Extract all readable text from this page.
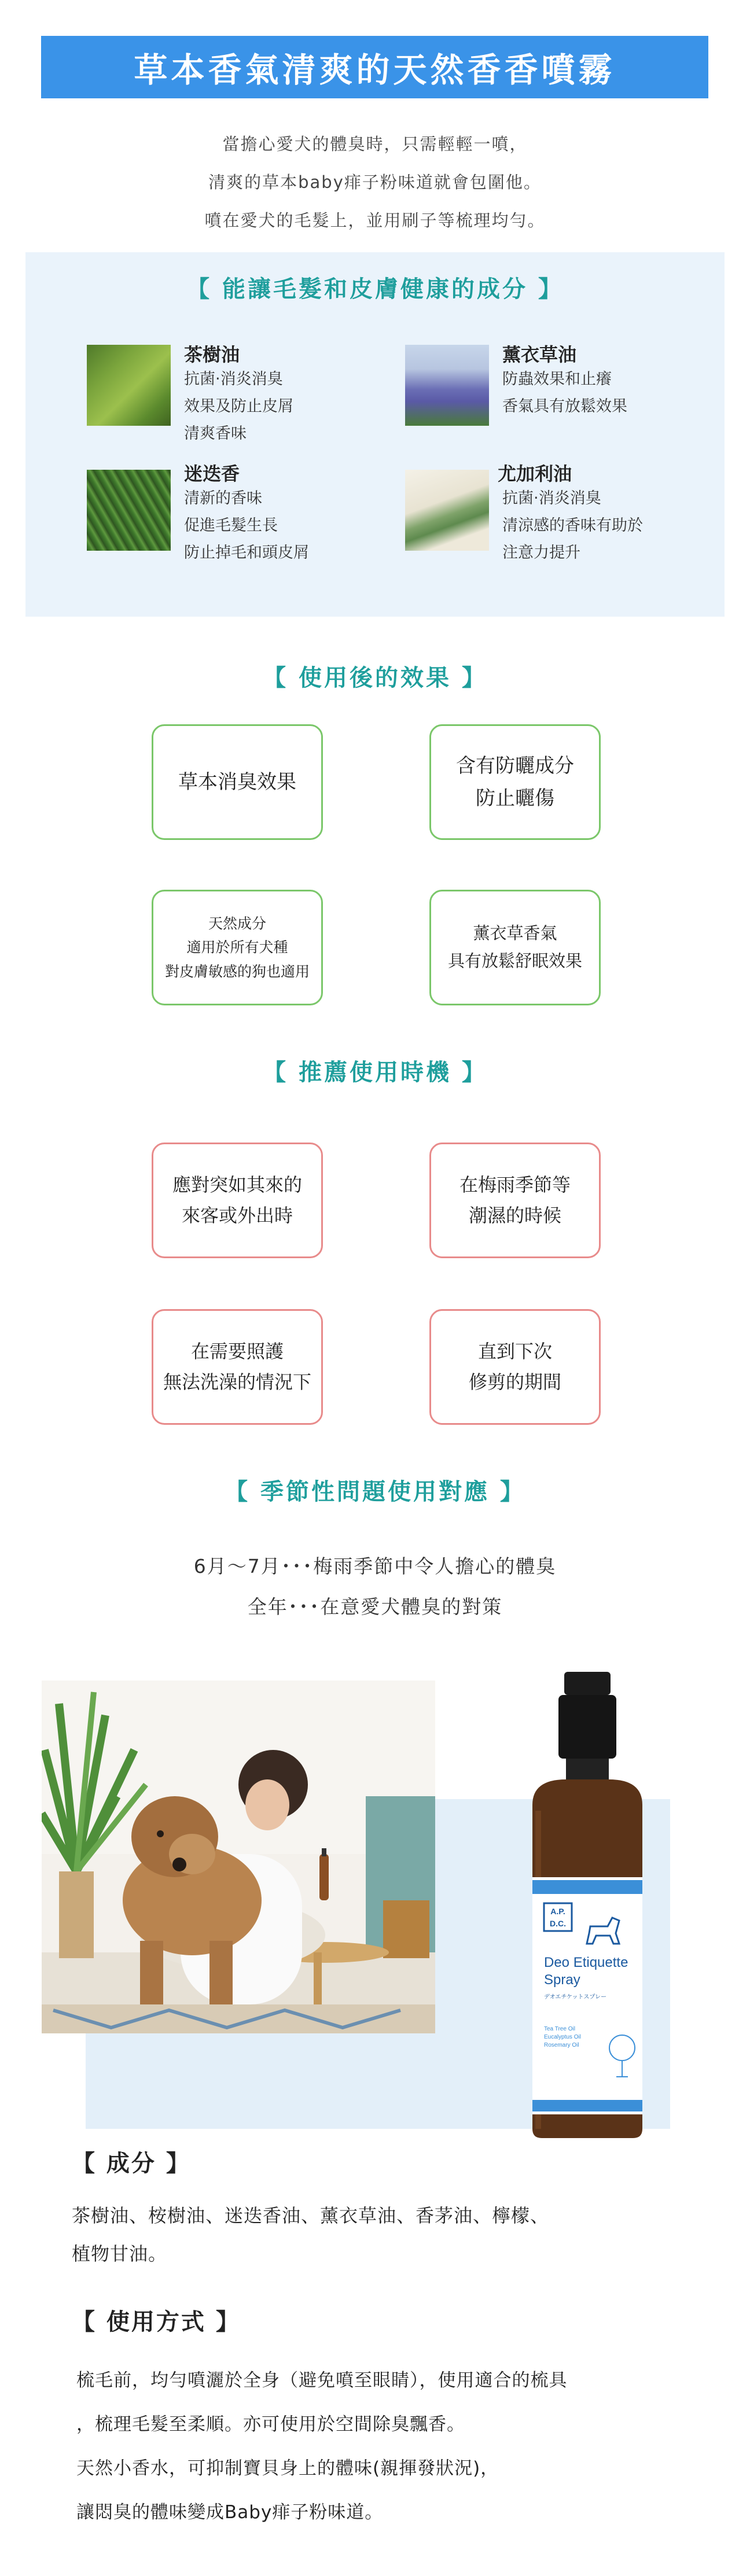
草本香氣清爽的天然香香噴霧
當擔心愛犬的體臭時，只需輕輕一噴，
清爽的草本baby痱子粉味道就會包圍他。
噴在愛犬的毛髮上，並用刷子等梳理均勻。
【 能讓毛髮和皮膚健康的成分 】
茶樹油
抗菌‧消炎消臭
效果及防止皮屑
清爽香味
薰衣草油
防蟲效果和止癢
香氣具有放鬆效果
迷迭香
清新的香味
促進毛髮生長
防止掉毛和頭皮屑
尤加利油
抗菌‧消炎消臭
清涼感的香味有助於
注意力提升
【 使用後的效果 】
草本消臭效果
含有防曬成分
防止曬傷
天然成分
適用於所有犬種
對皮膚敏感的狗也適用
薰衣草香氣
具有放鬆舒眠效果
【 推薦使用時機 】
應對突如其來的
來客或外出時
在梅雨季節等
潮濕的時候
在需要照護
無法洗澡的情況下
直到下次
修剪的期間
【 季節性問題使用對應 】
6月～7月･･･梅雨季節中令人擔心的體臭
全年･･･在意愛犬體臭的對策
A.P.
D.C.
Deo Etiquette
Spray
デオエチケットスプレー
Tea Tree Oil
Eucalyptus Oil
Rosemary Oil
【 成分 】
茶樹油、桉樹油、迷迭香油、薰衣草油、香茅油、檸檬、
植物甘油。
【 使用方式 】
梳毛前，均勻噴灑於全身（避免噴至眼睛），使用適合的梳具
，梳理毛髮至柔順。亦可使用於空間除臭飄香。
天然小香水，可抑制寶貝身上的體味(親揮發狀況)，
讓悶臭的體味變成Baby痱子粉味道。
